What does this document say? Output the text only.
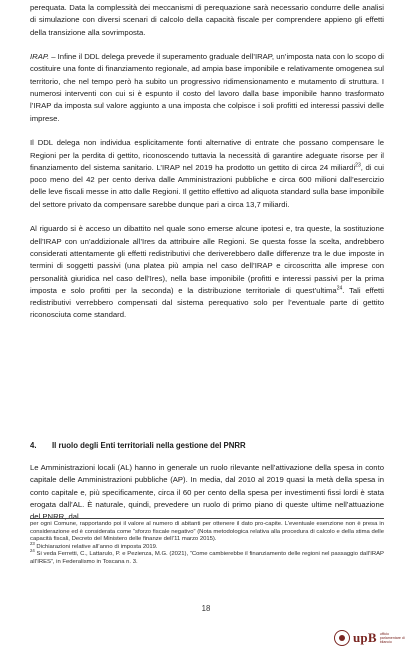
perequata. Data la complessità dei meccanismi di perequazione sarà necessario condurre delle analisi di simulazione con diversi scenari di calcolo della capacità fiscale per comprendere appieno gli effetti della transizione alla sovrimposta.

IRAP. – Infine il DDL delega prevede il superamento graduale dell’IRAP, un’imposta nata con lo scopo di costituire una fonte di finanziamento regionale, ad ampia base imponibile e relativamente omogenea sul territorio, che nel tempo però ha subito un progressivo ridimensionamento e mutamento di struttura. I numerosi interventi con cui si è espunto il costo del lavoro dalla base imponibile hanno trasformato l’IRAP da imposta sul valore aggiunto a una imposta che colpisce i soli profitti ed interessi passivi delle imprese.

Il DDL delega non individua esplicitamente fonti alternative di entrate che possano compensare le Regioni per la perdita di gettito, riconoscendo tuttavia la necessità di garantire adeguate risorse per il finanziamento del sistema sanitario. L’IRAP nel 2019 ha prodotto un gettito di circa 24 miliardi$^{23}$, di cui poco meno del 42 per cento deriva dalle Amministrazioni pubbliche e circa 600 milioni dall’esercizio delle leve fiscali messe in atto dalle Regioni. Il gettito effettivo ad aliquota standard sulla base imponibile del settore privato da compensare sarebbe dunque pari a circa 13,7 miliardi.

Al riguardo si è acceso un dibattito nel quale sono emerse alcune ipotesi e, tra queste, la sostituzione dell’IRAP con un’addizionale all’Ires da attribuire alle Regioni. Se questa fosse la scelta, andrebbero considerati attentamente gli effetti redistributivi che deriverebbero dalle differenze tra le due imposte in termini di soggetti passivi (una platea più ampia nel caso dell’IRAP e circoscritta alle imprese con personalità giuridica nel caso dell’Ires), nella base imponibile (profitti e interessi passivi per la prima imposta e solo profitti per la seconda) e la distribuzione territoriale di quest’ultima$^{24}$. Tali effetti redistributivi verrebbero compensati dal sistema perequativo solo per l’eventuale parte di gettito riconosciuta come standard.

4. Il ruolo degli Enti territoriali nella gestione del PNRR

Le Amministrazioni locali (AL) hanno in generale un ruolo rilevante nell’attivazione della spesa in conto capitale delle Amministrazioni pubbliche (AP). In media, dal 2010 al 2019 quasi la metà della spesa in conto capitale e, più specificamente, circa il 60 per cento della spesa per investimenti fissi lordi è stata erogata dall’AL. È naturale, quindi, prevedere un ruolo di primo piano di queste ultime nell’attuazione del PNRR, dal

per ogni Comune, rapportando poi il valore al numero di abitanti per ottenere il dato pro-capite. L’eventuale esenzione non è presa in considerazione ed è considerata come “sforzo fiscale negativo” (Nota metodologica relativa alla procedura di calcolo e della stima delle capacità fiscali, Decreto del Ministero delle finanze dell’11 marzo 2015).

$^{23}$ Dichiarazioni relative all’anno di imposta 2019.

$^{24}$ Si veda Ferretti, C., Lattarulo, P. e Pezienza, M.G. (2021), “Come cambierebbe il finanziamento delle regioni nel passaggio dall’IRAP all’IRES”, in Federalismo in Toscana n. 3.

18
upB ufficio parlamentare di bilancio
